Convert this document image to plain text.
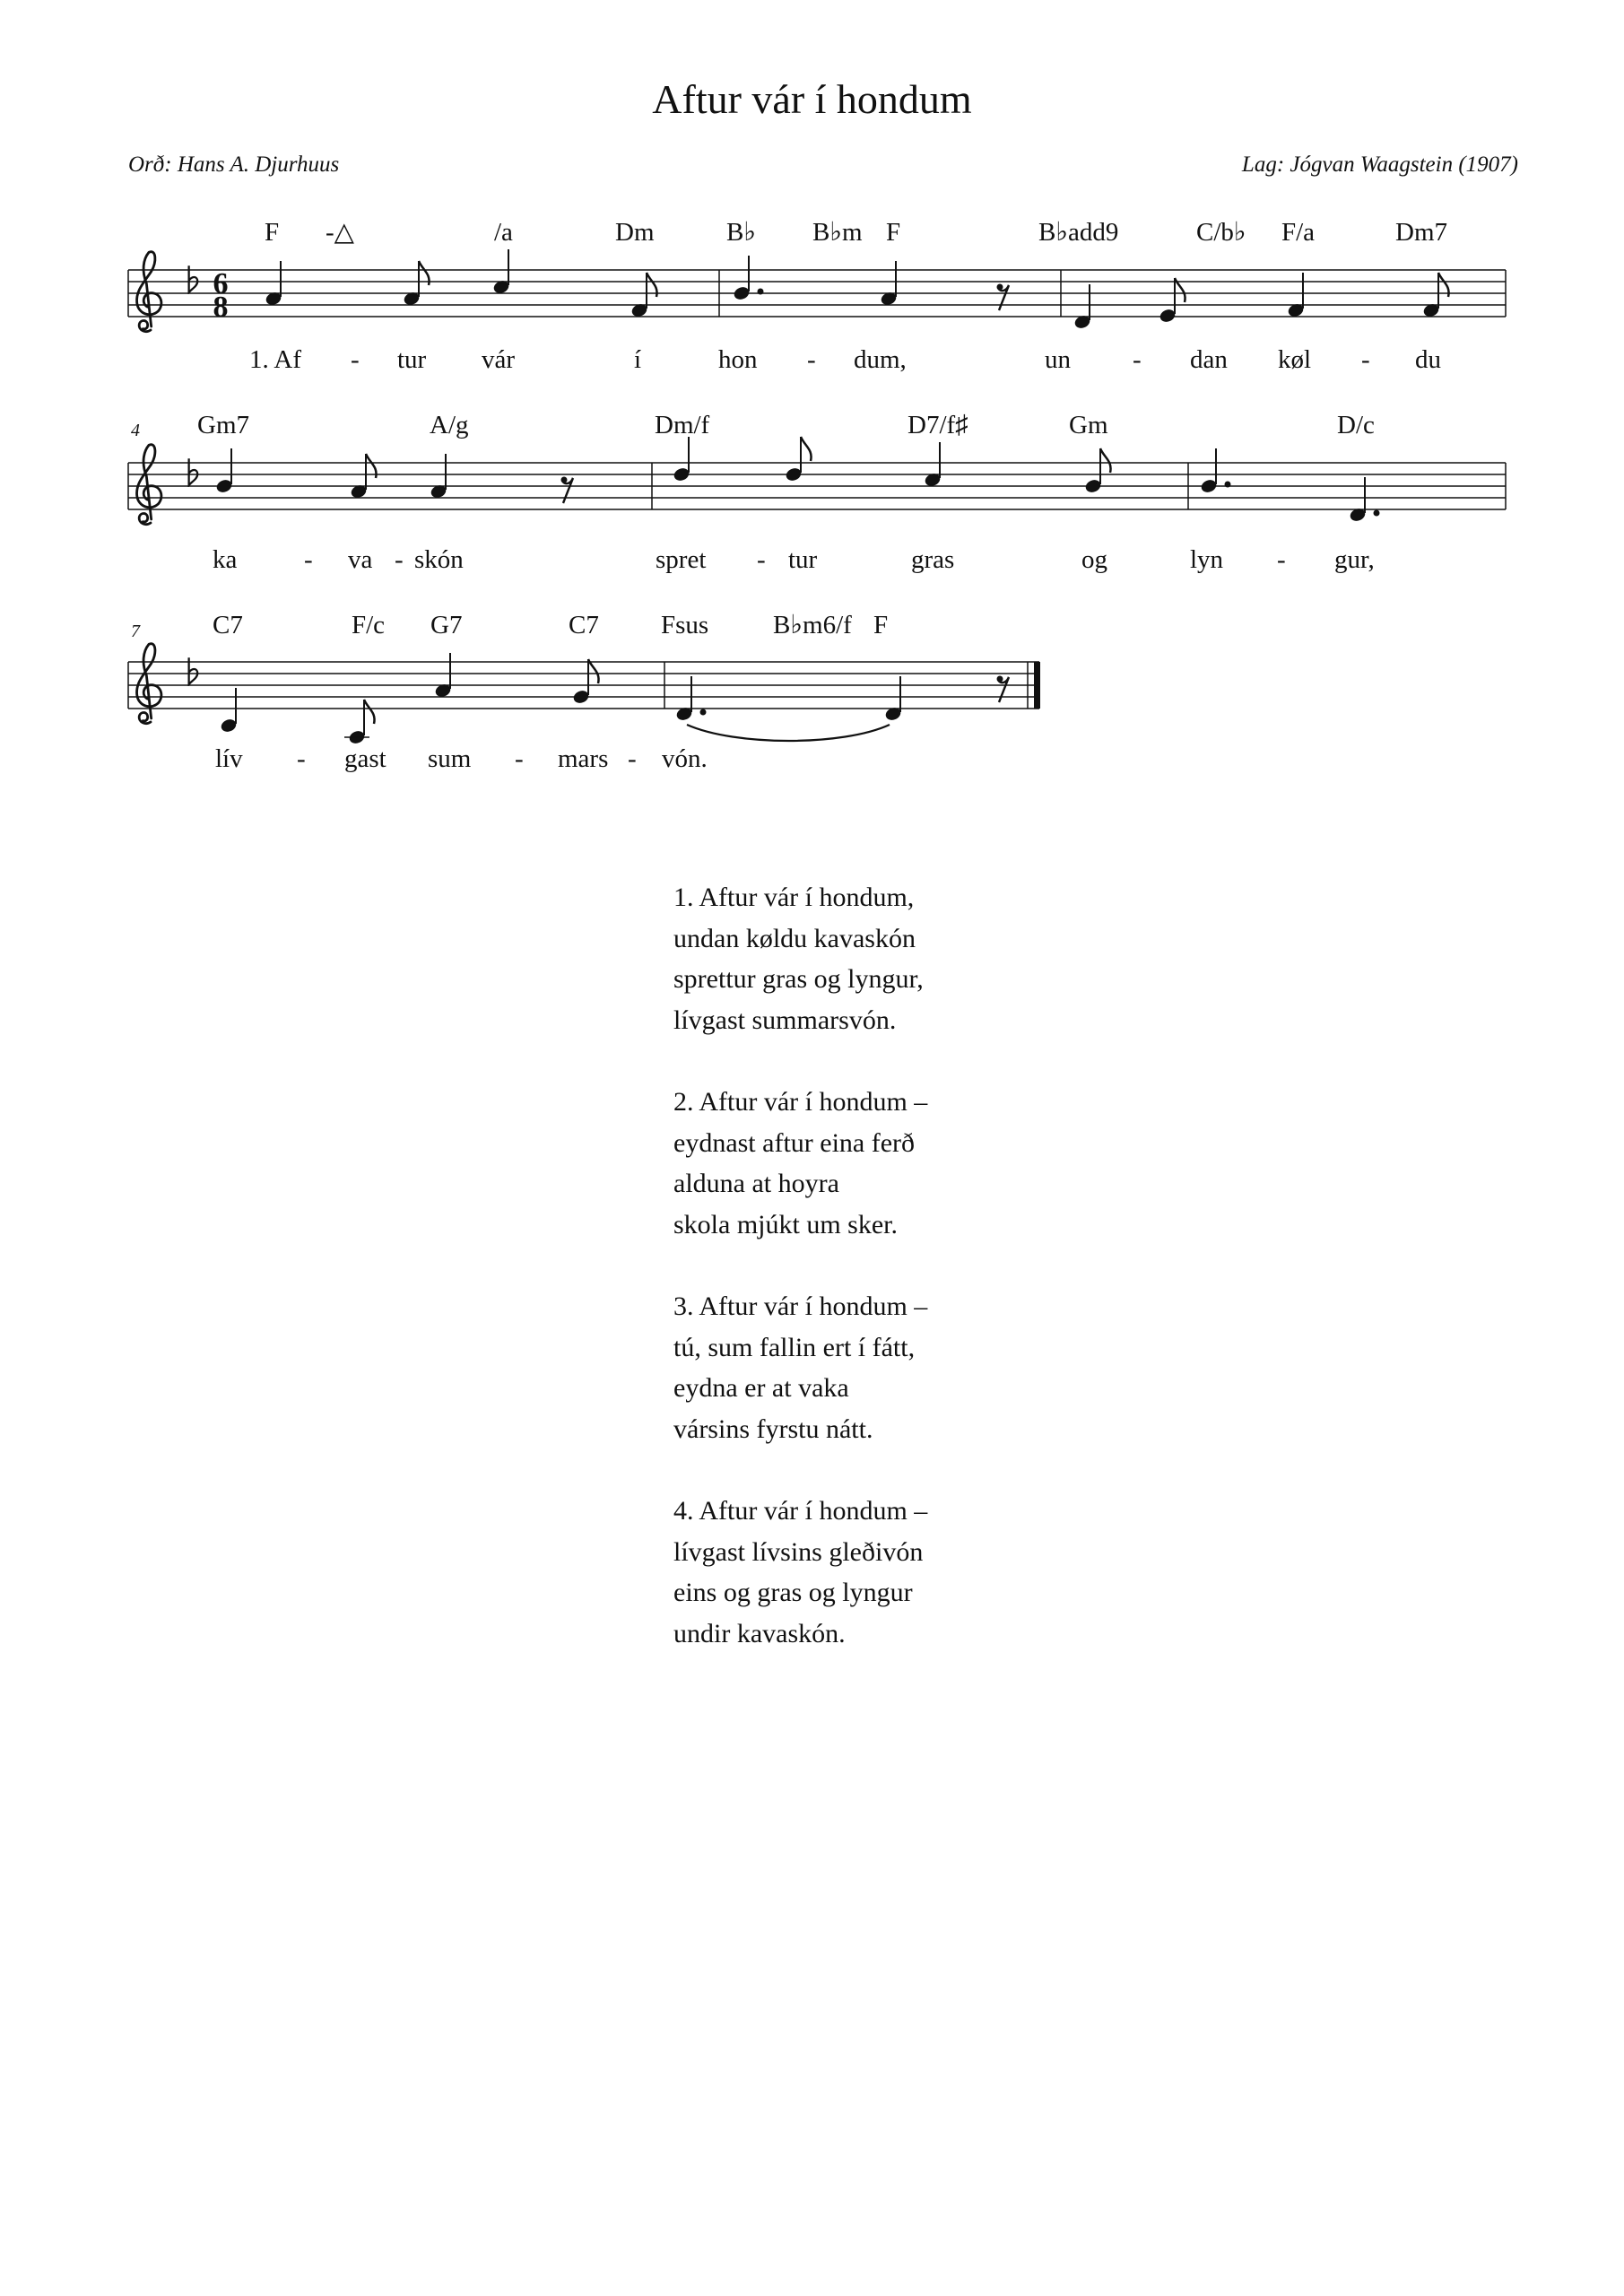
Aftur vár í hondum
Orð: Hans A. Djurhuus	Lag: Jógvan Waagstein (1907)
6
8
F -△	/a	Dm	B♭ B♭m F	B♭add9	C/b♭ F/a	Dm7
1. Af - tur vár	í	hon - dum,	un - dan køl - du
4 Gm7	A/g	Dm/f	D7/f♯	Gm	D/c
ka	- va - skón	spret - tur	gras	og	lyn - gur,
7	C7	F/c G7	C7 Fsus B♭m6/f F
lív - gast sum - mars - vón.
1. Aftur vár í hondum,
undan køldu kavaskón
sprettur gras og lyngur,
lívgast summarsvón.
2. Aftur vár í hondum –
eydnast aftur eina ferð
alduna at hoyra
skola mjúkt um sker.
3. Aftur vár í hondum –
tú, sum fallin ert í fátt,
eydna er at vaka
vársins fyrstu nátt.
4. Aftur vár í hondum –
lívgast lívsins gleðivón
eins og gras og lyngur
undir kavaskón.
